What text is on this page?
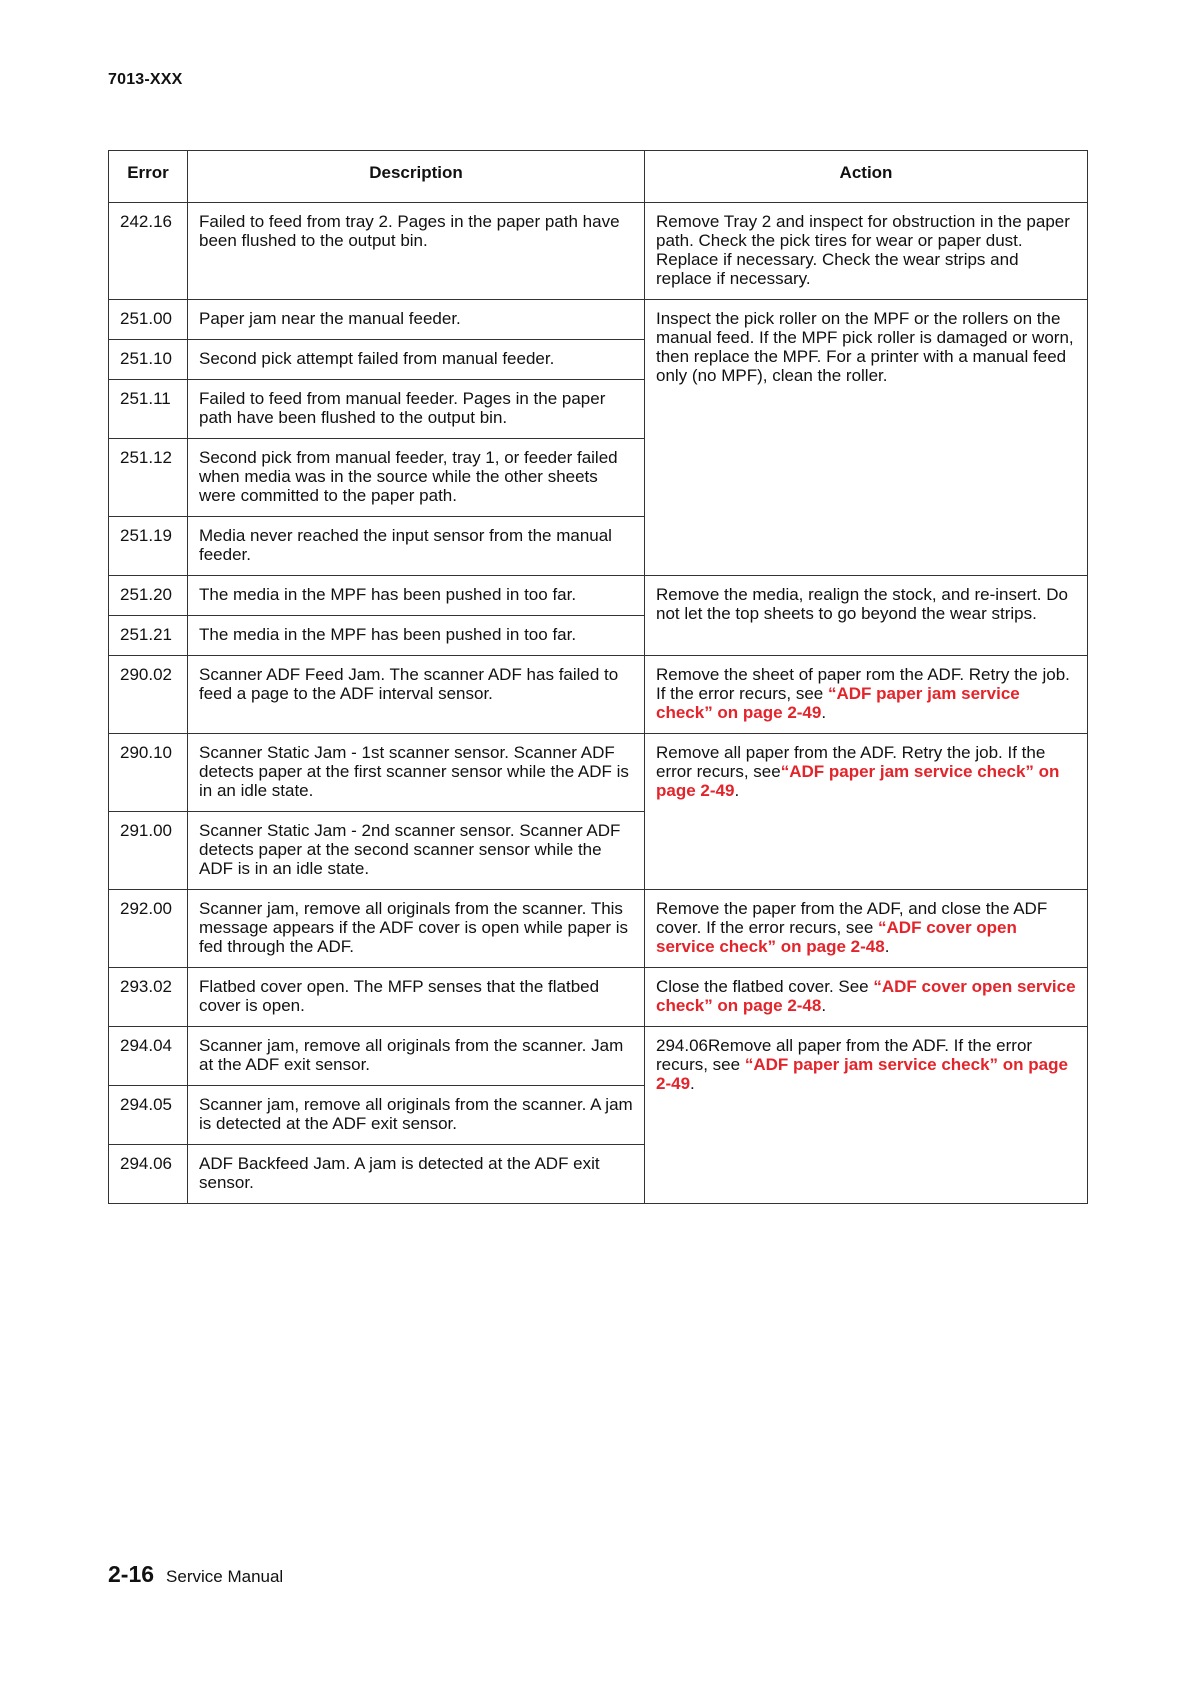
7013-XXX
Error	Description	Action
242.16	Failed to feed from tray 2. Pages in the paper path have been flushed to the output bin.	Remove Tray 2 and inspect for obstruction in the paper path. Check the pick tires for wear or paper dust. Replace if necessary. Check the wear strips and replace if necessary.
251.00	Paper jam near the manual feeder.	Inspect the pick roller on the MPF or the rollers on the manual feed. If the MPF pick roller is damaged or worn, then replace the MPF. For a printer with a manual feed only (no MPF), clean the roller.
251.10	Second pick attempt failed from manual feeder.	
251.11	Failed to feed from manual feeder. Pages in the paper path have been flushed to the output bin.	
251.12	Second pick from manual feeder, tray 1, or feeder failed when media was in the source while the other sheets were committed to the paper path.	
251.19	Media never reached the input sensor from the manual feeder.	
251.20	The media in the MPF has been pushed in too far.	Remove the media, realign the stock, and re-insert. Do not let the top sheets to go beyond the wear strips.
251.21	The media in the MPF has been pushed in too far.	
290.02	Scanner ADF Feed Jam. The scanner ADF has failed to feed a page to the ADF interval sensor.	Remove the sheet of paper rom the ADF. Retry the job. If the error recurs, see “ADF paper jam service check” on page 2-49.
290.10	Scanner Static Jam - 1st scanner sensor. Scanner ADF detects paper at the first scanner sensor while the ADF is in an idle state.	Remove all paper from the ADF. Retry the job. If the error recurs, see“ADF paper jam service check” on page 2-49.
291.00	Scanner Static Jam - 2nd scanner sensor. Scanner ADF detects paper at the second scanner sensor while the ADF is in an idle state.	
292.00	Scanner jam, remove all originals from the scanner. This message appears if the ADF cover is open while paper is fed through the ADF.	Remove the paper from the ADF, and close the ADF cover. If the error recurs, see “ADF cover open service check” on page 2-48.
293.02	Flatbed cover open. The MFP senses that the flatbed cover is open.	Close the flatbed cover. See “ADF cover open service check” on page 2-48.
294.04	Scanner jam, remove all originals from the scanner. Jam at the ADF exit sensor.	294.06Remove all paper from the ADF. If the error recurs, see “ADF paper jam service check” on page 2-49.
294.05	Scanner jam, remove all originals from the scanner. A jam is detected at the ADF exit sensor.	
294.06	ADF Backfeed Jam. A jam is detected at the ADF exit sensor.	
2-16 Service Manual
